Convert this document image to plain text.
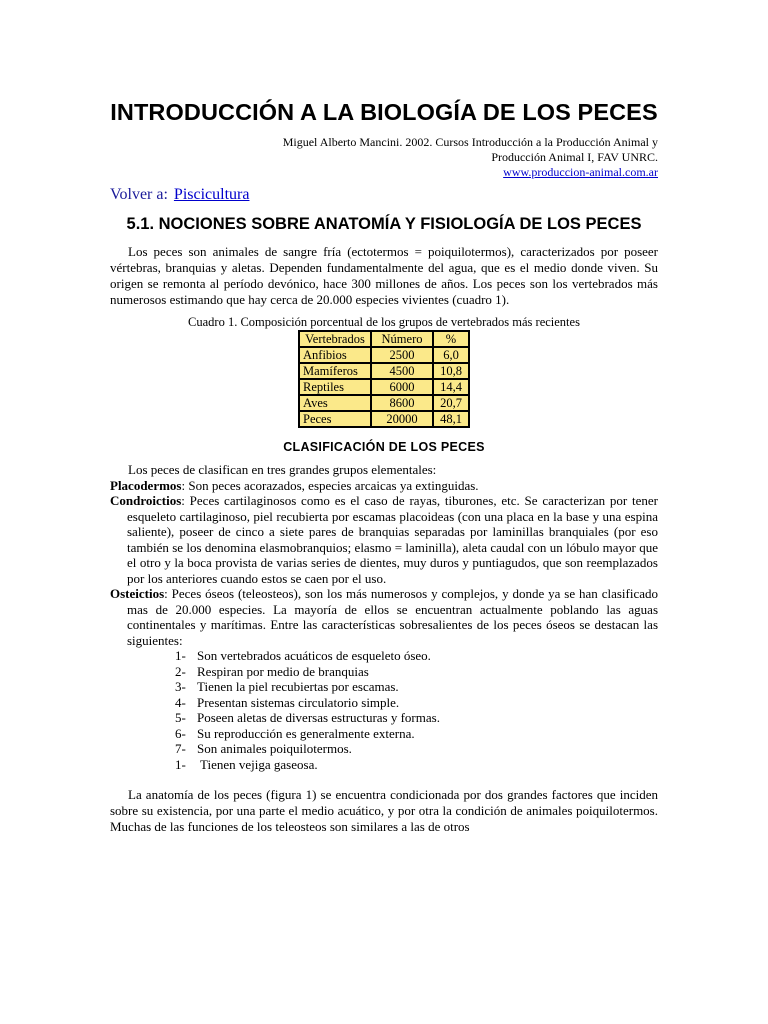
INTRODUCCIÓN A LA BIOLOGÍA DE LOS PECES
Miguel Alberto Mancini. 2002. Cursos Introducción a la Producción Animal y
Producción Animal I, FAV UNRC.
www.produccion-animal.com.ar
Volver a: Piscicultura
5.1. NOCIONES SOBRE ANATOMÍA Y FISIOLOGÍA DE LOS PECES
Los peces son animales de sangre fría (ectotermos = poiquilotermos), caracterizados por poseer vértebras, branquias y aletas. Dependen fundamentalmente del agua, que es el medio donde viven. Su origen se remonta al período devónico, hace 300 millones de años. Los peces son los vertebrados más numerosos estimando que hay cerca de 20.000 especies vivientes (cuadro 1).
Cuadro 1. Composición porcentual de los grupos de vertebrados más recientes
Vertebrados	Número	%
Anfibios	2500	6,0
Mamíferos	4500	10,8
Reptiles	6000	14,4
Aves	8600	20,7
Peces	20000	48,1
CLASIFICACIÓN DE LOS PECES
Los peces de clasifican en tres grandes grupos elementales:
Placodermos: Son peces acorazados, especies arcaicas ya extinguidas.
Condroictios: Peces cartilaginosos como es el caso de rayas, tiburones, etc. Se caracterizan por tener esqueleto cartilaginoso, piel recubierta por escamas placoideas (con una placa en la base y una espina saliente), poseer de cinco a siete pares de branquias separadas por laminillas branquiales (por eso también se los denomina elasmobranquios; elasmo = laminilla), aleta caudal con un lóbulo mayor que el otro y la boca provista de varias series de dientes, muy duros y puntiagudos, que son reemplazados por los anteriores cuando estos se caen por el uso.
Osteictios: Peces óseos (teleosteos), son los más numerosos y complejos, y donde ya se han clasificado mas de 20.000 especies. La mayoría de ellos se encuentran actualmente poblando las aguas continentales y marítimas. Entre las características sobresalientes de los peces óseos se destacan las siguientes:
1- Son vertebrados acuáticos de esqueleto óseo.
2- Respiran por medio de branquias
3- Tienen la piel recubiertas por escamas.
4- Presentan sistemas circulatorio simple.
5- Poseen aletas de diversas estructuras y formas.
6- Su reproducción es generalmente externa.
7- Son animales poiquilotermos.
1- Tienen vejiga gaseosa.
La anatomía de los peces (figura 1) se encuentra condicionada por dos grandes factores que inciden sobre su existencia, por una parte el medio acuático, y por otra la condición de animales poiquilotermos. Muchas de las funciones de los teleosteos son similares a las de otros
